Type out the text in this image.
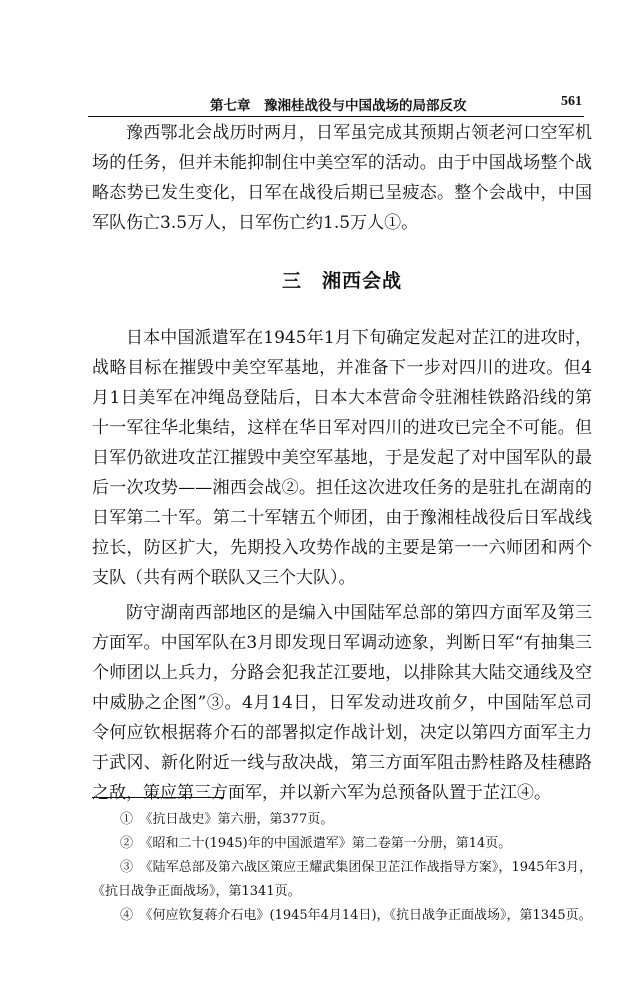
第七章　豫湘桂战役与中国战场的局部反攻	561

豫西鄂北会战历时两月，日军虽完成其预期占领老河口空军机场的任务，但并未能抑制住中美空军的活动。由于中国战场整个战略态势已发生变化，日军在战役后期已呈疲态。整个会战中，中国军队伤亡3.5万人，日军伤亡约1.5万人①。

三　湘西会战

日本中国派遣军在1945年1月下旬确定发起对芷江的进攻时，战略目标在摧毁中美空军基地，并准备下一步对四川的进攻。但4月1日美军在冲绳岛登陆后，日本大本营命令驻湘桂铁路沿线的第十一军往华北集结，这样在华日军对四川的进攻已完全不可能。但日军仍欲进攻芷江摧毁中美空军基地，于是发起了对中国军队的最后一次攻势——湘西会战②。担任这次进攻任务的是驻扎在湖南的日军第二十军。第二十军辖五个师团，由于豫湘桂战役后日军战线拉长，防区扩大，先期投入攻势作战的主要是第一一六师团和两个支队（共有两个联队又三个大队）。

防守湖南西部地区的是编入中国陆军总部的第四方面军及第三方面军。中国军队在3月即发现日军调动迹象，判断日军“有抽集三个师团以上兵力，分路会犯我芷江要地，以排除其大陆交通线及空中威胁之企图”③。4月14日，日军发动进攻前夕，中国陆军总司令何应钦根据蒋介石的部署拟定作战计划，决定以第四方面军主力于武冈、新化附近一线与敌决战，第三方面军阻击黔桂路及桂穗路之敌，策应第三方面军，并以新六军为总预备队置于芷江④。

①　《抗日战史》第六册，第377页。

②　《昭和二十(1945)年的中国派遣军》第二卷第一分册，第14页。

③　《陆军总部及第六战区策应王耀武集团保卫芷江作战指导方案》，1945年3月，《抗日战争正面战场》，第1341页。

④　《何应钦复蒋介石电》(1945年4月14日)，《抗日战争正面战场》，第1345页。
